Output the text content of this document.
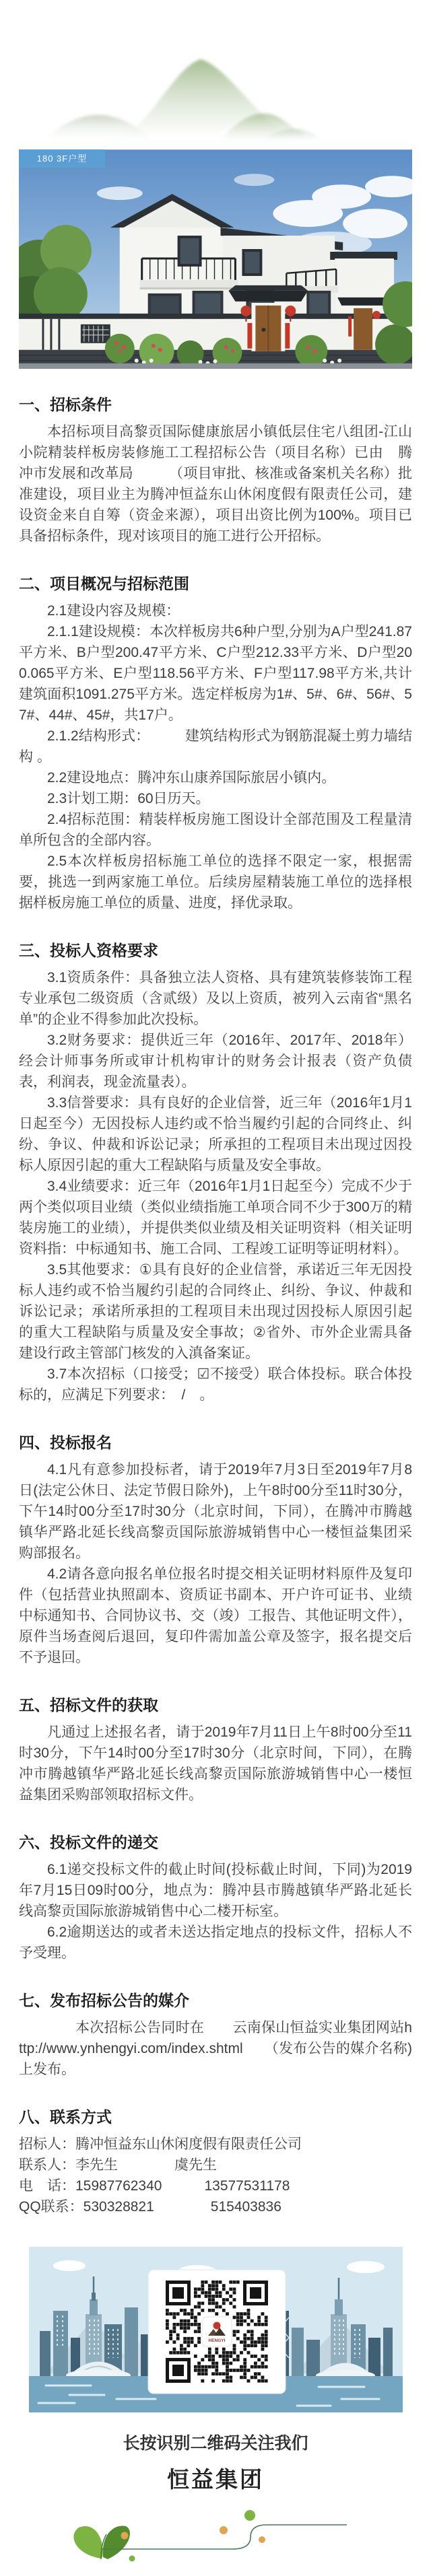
180 3F户型
一、招标条件

本招标项目高黎贡国际健康旅居小镇低层住宅八组团-江山小院精装样板房装修施工工程招标公告（项目名称）已由　腾冲市发展和改革局　　　（项目审批、核准或备案机关名称）批准建设，项目业主为腾冲恒益东山休闲度假有限责任公司，建设资金来自自筹（资金来源），项目出资比例为100%。项目已具备招标条件，现对该项目的施工进行公开招标。

二、项目概况与招标范围

2.1建设内容及规模：

2.1.1建设规模：本次样板房共6种户型,分别为A户型241.87平方米、B户型200.47平方米、C户型212.33平方米、D户型200.065平方米、E户型118.56平方米、F户型117.98平方米,共计建筑面积1091.275平方米。选定样板房为1#、5#、6#、56#、57#、44#、45#，共17户。

2.1.2结构形式：　　　建筑结构形式为钢筋混凝土剪力墙结构 。

2.2建设地点：腾冲东山康养国际旅居小镇内。

2.3计划工期：60日历天。

2.4招标范围：精装样板房施工图设计全部范围及工程量清单所包含的全部内容。

2.5本次样板房招标施工单位的选择不限定一家，根据需要，挑选一到两家施工单位。后续房屋精装施工单位的选择根据样板房施工单位的质量、进度，择优录取。

三、投标人资格要求

3.1资质条件：具备独立法人资格、具有建筑装修装饰工程专业承包二级资质（含贰级）及以上资质，被列入云南省“黑名单”的企业不得参加此次投标。

3.2财务要求：提供近三年（2016年、2017年、2018年）经会计师事务所或审计机构审计的财务会计报表（资产负债表，利润表，现金流量表）。

3.3信誉要求：具有良好的企业信誉，近三年（2016年1月1日起至今）无因投标人违约或不恰当履约引起的合同终止、纠纷、争议、仲裁和诉讼记录；所承担的工程项目未出现过因投标人原因引起的重大工程缺陷与质量及安全事故。

3.4业绩要求：近三年（2016年1月1日起至今）完成不少于两个类似项目业绩（类似业绩指施工单项合同不少于300万的精装房施工的业绩），并提供类似业绩及相关证明资料（相关证明资料指：中标通知书、施工合同、工程竣工证明等证明材料）。

3.5其他要求：①具有良好的企业信誉，承诺近三年无因投标人违约或不恰当履约引起的合同终止、纠纷、争议、仲裁和诉讼记录；承诺所承担的工程项目未出现过因投标人原因引起的重大工程缺陷与质量及安全事故；②省外、市外企业需具备建设行政主管部门核发的入滇备案证。

3.7本次招标（口接受；☑不接受）联合体投标。联合体投标的，应满足下列要求：　/　。

四、投标报名

4.1凡有意参加投标者，请于2019年7月3日至2019年7月8日(法定公休日、法定节假日除外)，上午8时00分至11时30分，下午14时00分至17时30分（北京时间，下同），在腾冲市腾越镇华严路北延长线高黎贡国际旅游城销售中心一楼恒益集团采购部报名。

4.2请各意向报名单位报名时提交相关证明材料原件及复印件（包括营业执照副本、资质证书副本、开户许可证书、业绩中标通知书、合同协议书、交（竣）工报告、其他证明文件），原件当场查阅后退回，复印件需加盖公章及签字，报名提交后不予退回。

五、招标文件的获取

凡通过上述报名者，请于2019年7月11日上午8时00分至11时30分，下午14时00分至17时30分（北京时间，下同），在腾冲市腾越镇华严路北延长线高黎贡国际旅游城销售中心一楼恒益集团采购部领取招标文件。

六、投标文件的递交

6.1递交投标文件的截止时间(投标截止时间，下同)为2019年7月15日09时00分，地点为：腾冲县市腾越镇华严路北延长线高黎贡国际旅游城销售中心二楼开标室。

6.2逾期送达的或者未送达指定地点的投标文件，招标人不予受理。

七、发布招标公告的媒介

本次招标公告同时在　　云南保山恒益实业集团网站http://www.ynhengyi.com/index.shtml　　（发布公告的媒介名称)上发布。

八、联系方式

招标人：腾冲恒益东山休闲度假有限责任公司

联系人：李先生　　　　虞先生

电　话：15987762340　　　13577531178

QQ联系：530328821　　　　515403836

HENGYI
长按识别二维码关注我们
恒益集团
